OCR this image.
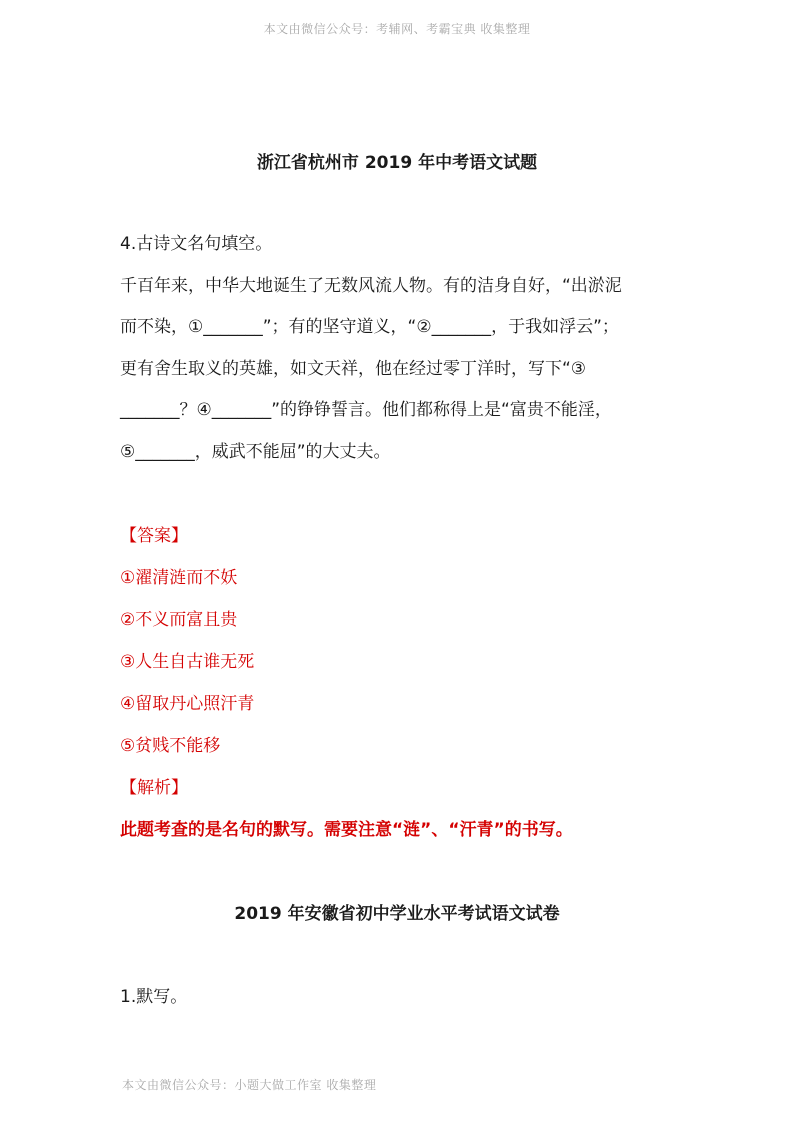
本文由微信公众号：考辅网、考霸宝典 收集整理
浙江省杭州市 2019 年中考语文试题
4.古诗文名句填空。
千百年来，中华大地诞生了无数风流人物。有的洁身自好，“出淤泥
而不染，①_______”；有的坚守道义，“②_______，于我如浮云”；
更有舍生取义的英雄，如文天祥，他在经过零丁洋时，写下“③
_______？④_______”的铮铮誓言。他们都称得上是“富贵不能淫，
⑤_______，威武不能屈”的大丈夫。
【答案】
①濯清涟而不妖
②不义而富且贵
③人生自古谁无死
④留取丹心照汗青
⑤贫贱不能移
【解析】
此题考查的是名句的默写。需要注意“涟”、“汗青”的书写。
2019 年安徽省初中学业水平考试语文试卷
1.默写。
本文由微信公众号：小题大做工作室 收集整理
